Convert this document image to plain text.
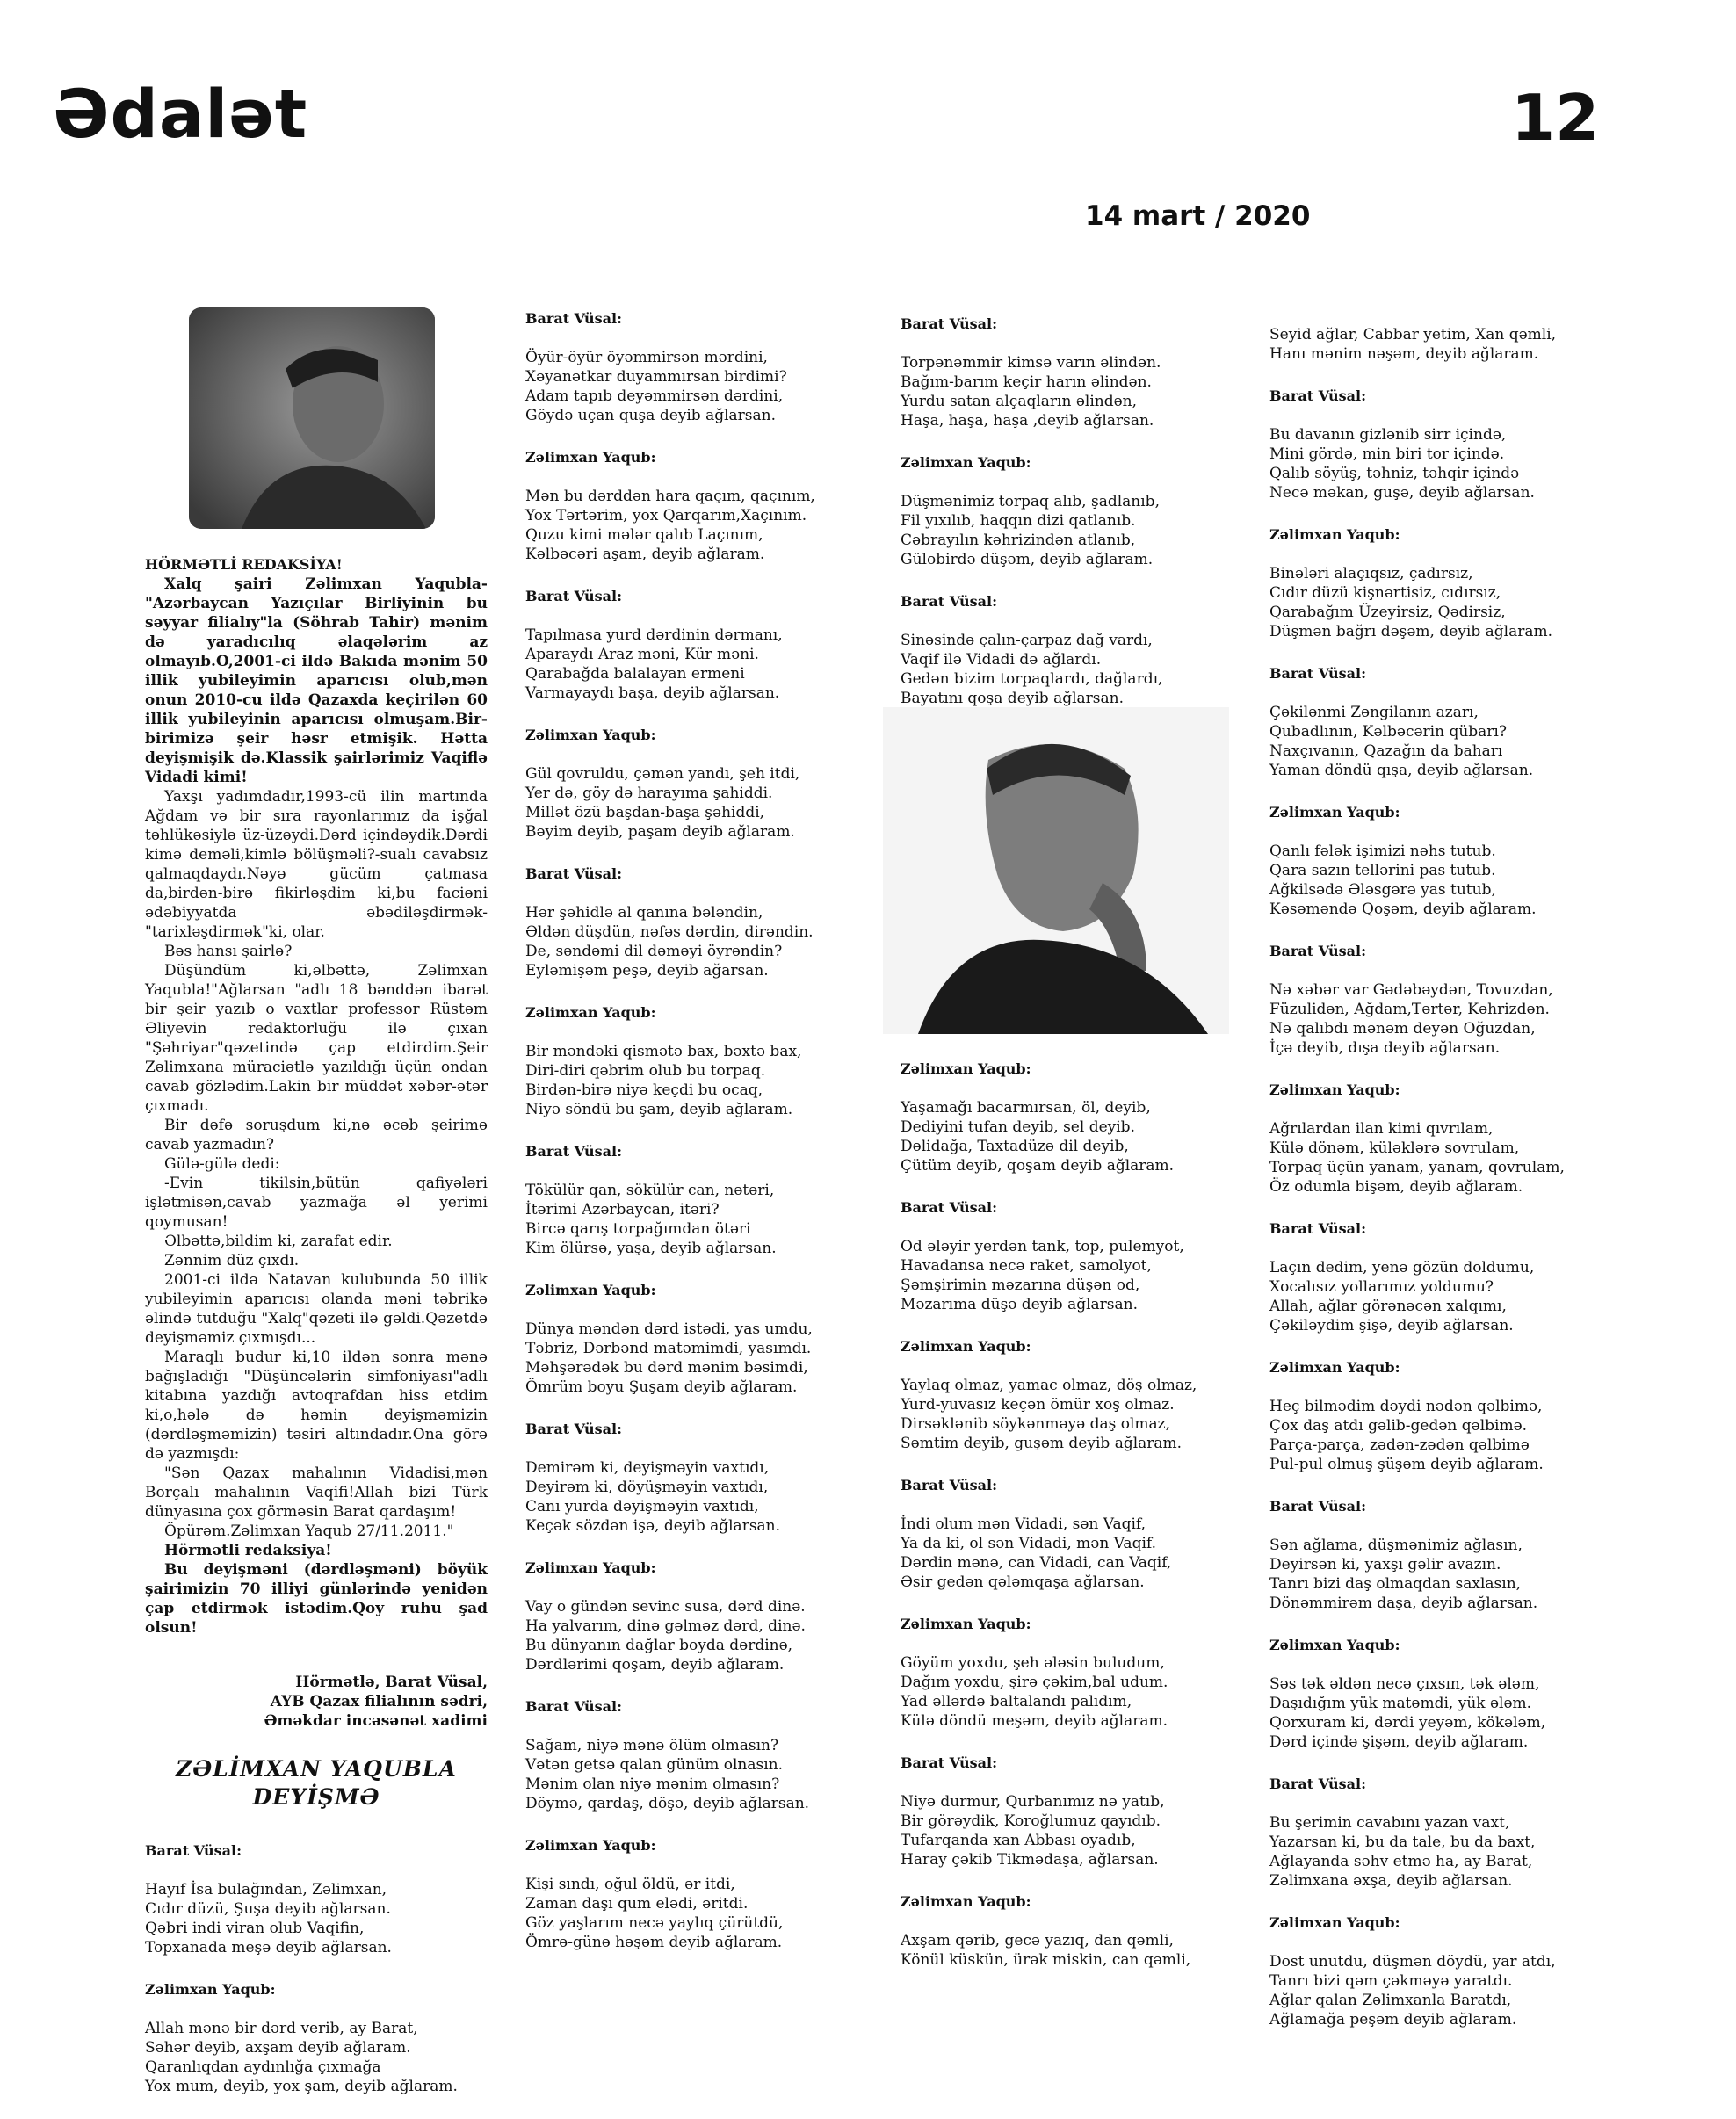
Ədalət	12
14 mart / 2020
HÖRMƏTLİ REDAKSİYA!
Xalq şairi Zəlimxan Yaqubla-"Azərbaycan Yazıçılar Birliyinin bu səyyar filialıy"la (Söhrab Tahir) mənim də yaradıcılıq əlaqələrim az olmayıb.O,2001-ci ildə Bakıda mənim 50 illik yubileyimin aparıcısı olub,mən onun 2010-cu ildə Qazaxda keçirilən 60 illik yubileyinin aparıcısı olmuşam.Bir-birimizə şeir həsr etmişik. Hətta deyişmişik də.Klassik şairlərimiz Vaqiflə Vidadi kimi!
Yaxşı yadımdadır,1993-cü ilin martında Ağdam və bir sıra rayonlarımız da işğal təhlükəsiylə üz-üzəydi.Dərd içindəydik.Dərdi kimə deməli,kimlə bölüşməli?-sualı cavabsız qalmaqdaydı.Nəyə gücüm çatmasa da,birdən-birə fikirləşdim ki,bu faciəni ədəbiyyatda əbədiləşdirmək-"tarixləşdirmək"ki, olar.
Bəs hansı şairlə?
Düşündüm ki,əlbəttə, Zəlimxan Yaqubla!"Ağlarsan "adlı 18 bənddən ibarət bir şeir yazıb o vaxtlar professor Rüstəm Əliyevin redaktorluğu ilə çıxan "Şəhriyar"qəzetində çap etdirdim.Şeir Zəlimxana müraciətlə yazıldığı üçün ondan cavab gözlədim.Lakin bir müddət xəbər-ətər çıxmadı.
Bir dəfə soruşdum ki,nə əcəb şeirimə cavab yazmadın?
Gülə-gülə dedi:
-Evin tikilsin,bütün qafiyələri işlətmisən,cavab yazmağa əl yerimi qoymusan!
Əlbəttə,bildim ki, zarafat edir.
Zənnim düz çıxdı.
2001-ci ildə Natavan kulubunda 50 illik yubileyimin aparıcısı olanda məni təbrikə əlində tutduğu "Xalq"qəzeti ilə gəldi.Qəzetdə deyişməmiz çıxmışdı...
Maraqlı budur ki,10 ildən sonra mənə bağışladığı "Düşüncələrin simfoniyası"adlı kitabına yazdığı avtoqrafdan hiss etdim ki,o,hələ də həmin deyişməmizin (dərdləşməmizin) təsiri altındadır.Ona görə də yazmışdı:
"Sən Qazax mahalının Vidadisi,mən Borçalı mahalının Vaqifi!Allah bizi Türk dünyasına çox görməsin Barat qardaşım!
Öpürəm.Zəlimxan Yaqub 27/11.2011."
Hörmətli redaksiya!
Bu deyişməni (dərdləşməni) böyük şairimizin 70 illiyi günlərində yenidən çap etdirmək istədim.Qoy ruhu şad olsun!
Hörmətlə, Barat Vüsal,
AYB Qazax filialının sədri,
Əməkdar incəsənət xadimi
ZƏLİMXAN YAQUBLA
DEYİŞMƏ
Barat Vüsal:
Hayıf İsa bulağından, Zəlimxan,
Cıdır düzü, Şuşa deyib ağlarsan.
Qəbri indi viran olub Vaqifin,
Topxanada meşə deyib ağlarsan.
Zəlimxan Yaqub:
Allah mənə bir dərd verib, ay Barat,
Səhər deyib, axşam deyib ağlaram.
Qaranlıqdan aydınlığa çıxmağa
Yox mum, deyib, yox şam, deyib ağlaram.
Barat Vüsal:
Öyür-öyür öyəmmirsən mərdini,
Xəyanətkar duyammırsan birdimi?
Adam tapıb deyəmmirsən dərdini,
Göydə uçan quşa deyib ağlarsan.
Zəlimxan Yaqub:
Mən bu dərddən hara qaçım, qaçınım,
Yox Tərtərim, yox Qarqarım,Xaçınım.
Quzu kimi mələr qalıb Laçınım,
Kəlbəcəri aşam, deyib ağlaram.
Barat Vüsal:
Tapılmasa yurd dərdinin dərmanı,
Aparaydı Araz məni, Kür məni.
Qarabağda balalayan ermeni
Varmayaydı başa, deyib ağlarsan.
Zəlimxan Yaqub:
Gül qovruldu, çəmən yandı, şeh itdi,
Yer də, göy də harayıma şahiddi.
Millət özü başdan-başa şəhiddi,
Bəyim deyib, paşam deyib ağlaram.
Barat Vüsal:
Hər şəhidlə al qanına bələndin,
Əldən düşdün, nəfəs dərdin, dirəndin.
De, səndəmi dil dəməyi öyrəndin?
Eyləmişəm peşə, deyib ağarsan.
Zəlimxan Yaqub:
Bir məndəki qismətə bax, bəxtə bax,
Diri-diri qəbrim olub bu torpaq.
Birdən-birə niyə keçdi bu ocaq,
Niyə söndü bu şam, deyib ağlaram.
Barat Vüsal:
Tökülür qan, sökülür can, nətəri,
İtərimi Azərbaycan, itəri?
Bircə qarış torpağımdan ötəri
Kim ölürsə, yaşa, deyib ağlarsan.
Zəlimxan Yaqub:
Dünya məndən dərd istədi, yas umdu,
Təbriz, Dərbənd matəmimdi, yasımdı.
Məhşərədək bu dərd mənim bəsimdi,
Ömrüm boyu Şuşam deyib ağlaram.
Barat Vüsal:
Demirəm ki, deyişməyin vaxtıdı,
Deyirəm ki, döyüşməyin vaxtıdı,
Canı yurda dəyişməyin vaxtıdı,
Keçək sözdən işə, deyib ağlarsan.
Zəlimxan Yaqub:
Vay o gündən sevinc susa, dərd dinə.
Ha yalvarım, dinə gəlməz dərd, dinə.
Bu dünyanın dağlar boyda dərdinə,
Dərdlərimi qoşam, deyib ağlaram.
Barat Vüsal:
Sağam, niyə mənə ölüm olmasın?
Vətən getsə qalan günüm olnasın.
Mənim olan niyə mənim olmasın?
Döymə, qardaş, döşə, deyib ağlarsan.
Zəlimxan Yaqub:
Kişi sındı, oğul öldü, ər itdi,
Zaman daşı qum elədi, əritdi.
Göz yaşlarım necə yaylıq çürütdü,
Ömrə-günə həşəm deyib ağlaram.
Barat Vüsal:
Torpənəmmir kimsə varın əlindən.
Bağım-barım keçir harın əlindən.
Yurdu satan alçaqların əlindən,
Haşa, haşa, haşa ,deyib ağlarsan.
Zəlimxan Yaqub:
Düşmənimiz torpaq alıb, şadlanıb,
Fil yıxılıb, haqqın dizi qatlanıb.
Cəbrayılın kəhrizindən atlanıb,
Gülobirdə düşəm, deyib ağlaram.
Barat Vüsal:
Sinəsində çalın-çarpaz dağ vardı,
Vaqif ilə Vidadi də ağlardı.
Gedən bizim torpaqlardı, dağlardı,
Bayatını qoşa deyib ağlarsan.
Zəlimxan Yaqub:
Yaşamağı bacarmırsan, öl, deyib,
Dediyini tufan deyib, sel deyib.
Dəlidağa, Taxtadüzə dil deyib,
Çütüm deyib, qoşam deyib ağlaram.
Barat Vüsal:
Od ələyir yerdən tank, top, pulemyot,
Havadansa necə raket, samolyot,
Şəmşirimin məzarına düşən od,
Məzarıma düşə deyib ağlarsan.
Zəlimxan Yaqub:
Yaylaq olmaz, yamac olmaz, döş olmaz,
Yurd-yuvasız keçən ömür xoş olmaz.
Dirsəklənib söykənməyə daş olmaz,
Səmtim deyib, guşəm deyib ağlaram.
Barat Vüsal:
İndi olum mən Vidadi, sən Vaqif,
Ya da ki, ol sən Vidadi, mən Vaqif.
Dərdin mənə, can Vidadi, can Vaqif,
Əsir gedən qələmqaşa ağlarsan.
Zəlimxan Yaqub:
Göyüm yoxdu, şeh ələsin buludum,
Dağım yoxdu, şirə çəkim,bal udum.
Yad əllərdə baltalandı palıdım,
Külə döndü meşəm, deyib ağlaram.
Barat Vüsal:
Niyə durmur, Qurbanımız nə yatıb,
Bir görəydik, Koroğlumuz qayıdıb.
Tufarqanda xan Abbası oyadıb,
Haray çəkib Tikmədaşa, ağlarsan.
Zəlimxan Yaqub:
Axşam qərib, gecə yazıq, dan qəmli,
Könül küskün, ürək miskin, can qəmli,
Seyid ağlar, Cabbar yetim, Xan qəmli,
Hanı mənim nəşəm, deyib ağlaram.
Barat Vüsal:
Bu davanın gizlənib sirr içində,
Mini gördə, min biri tor içində.
Qalıb söyüş, təhniz, təhqir içində
Necə məkan, guşə, deyib ağlarsan.
Zəlimxan Yaqub:
Binələri alaçıqsız, çadırsız,
Cıdır düzü kişnərtisiz, cıdırsız,
Qarabağım Üzeyirsiz, Qədirsiz,
Düşmən bağrı dəşəm, deyib ağlaram.
Barat Vüsal:
Çəkilənmi Zəngilanın azarı,
Qubadlının, Kəlbəcərin qübarı?
Naxçıvanın, Qazağın da baharı
Yaman döndü qışa, deyib ağlarsan.
Zəlimxan Yaqub:
Qanlı fələk işimizi nəhs tutub.
Qara sazın tellərini pas tutub.
Ağkilsədə Ələsgərə yas tutub,
Kəsəməndə Qoşəm, deyib ağlaram.
Barat Vüsal:
Nə xəbər var Gədəbəydən, Tovuzdan,
Füzulidən, Ağdam,Tərtər, Kəhrizdən.
Nə qalıbdı mənəm deyən Oğuzdan,
İçə deyib, dışa deyib ağlarsan.
Zəlimxan Yaqub:
Ağrılardan ilan kimi qıvrılam,
Külə dönəm, küləklərə sovrulam,
Torpaq üçün yanam, yanam, qovrulam,
Öz odumla bişəm, deyib ağlaram.
Barat Vüsal:
Laçın dedim, yenə gözün doldumu,
Xocalısız yollarımız yoldumu?
Allah, ağlar görənəcən xalqımı,
Çəkiləydim şişə, deyib ağlarsan.
Zəlimxan Yaqub:
Heç bilmədim dəydi nədən qəlbimə,
Çox daş atdı gəlib-gedən qəlbimə.
Parça-parça, zədən-zədən qəlbimə
Pul-pul olmuş şüşəm deyib ağlaram.
Barat Vüsal:
Sən ağlama, düşmənimiz ağlasın,
Deyirsən ki, yaxşı gəlir avazın.
Tanrı bizi daş olmaqdan saxlasın,
Dönəmmirəm daşa, deyib ağlarsan.
Zəlimxan Yaqub:
Səs tək əldən necə çıxsın, tək ələm,
Daşıdığım yük matəmdi, yük ələm.
Qorxuram ki, dərdi yeyəm, kökələm,
Dərd içində şişəm, deyib ağlaram.
Barat Vüsal:
Bu şerimin cavabını yazan vaxt,
Yazarsan ki, bu da tale, bu da baxt,
Ağlayanda səhv etmə ha, ay Barat,
Zəlimxana əxşa, deyib ağlarsan.
Zəlimxan Yaqub:
Dost unutdu, düşmən döydü, yar atdı,
Tanrı bizi qəm çəkməyə yaratdı.
Ağlar qalan Zəlimxanla Baratdı,
Ağlamağa peşəm deyib ağlaram.
